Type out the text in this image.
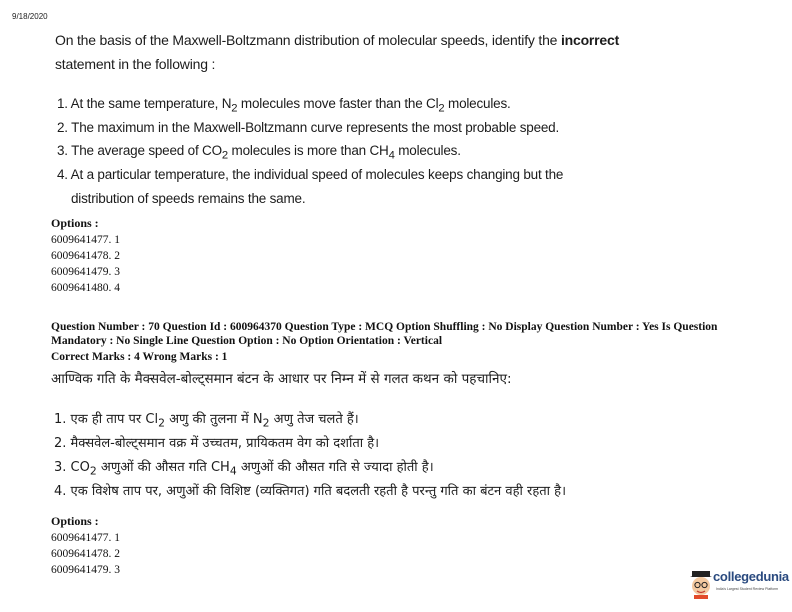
9/18/2020
On the basis of the Maxwell-Boltzmann distribution of molecular speeds, identify the incorrect
statement in the following :
1. At the same temperature, $N_2$ molecules move faster than the $Cl_2$ molecules.
2. The maximum in the Maxwell-Boltzmann curve represents the most probable speed.
3. The average speed of $CO_2$ molecules is more than $CH_4$ molecules.
4. At a particular temperature, the individual speed of molecules keeps changing but the
distribution of speeds remains the same.
Options :
6009641477. 1
6009641478. 2
6009641479. 3
6009641480. 4
Question Number : 70 Question Id : 600964370 Question Type : MCQ Option Shuffling : No Display Question Number : Yes Is Question
Mandatory : No Single Line Question Option : No Option Orientation : Vertical
Correct Marks : 4 Wrong Marks : 1
आण्विक गति के मैक्सवेल-बोल्ट्समान बंटन के आधार पर निम्न में से गलत कथन को पहचानिए:
1. एक ही ताप पर $Cl_2$ अणु की तुलना में $N_2$ अणु तेज चलते हैं।
2. मैक्सवेल-बोल्ट्समान वक्र में उच्चतम, प्रायिकतम वेग को दर्शाता है।
3. $CO_2$ अणुओं की औसत गति $CH_4$ अणुओं की औसत गति से ज्यादा होती है।
4. एक विशेष ताप पर, अणुओं की विशिष्ट (व्यक्तिगत) गति बदलती रहती है परन्तु गति का बंटन वही रहता है।
Options :
6009641477. 1
6009641478. 2
6009641479. 3	collegedunia
India's Largest Student Review Platform
